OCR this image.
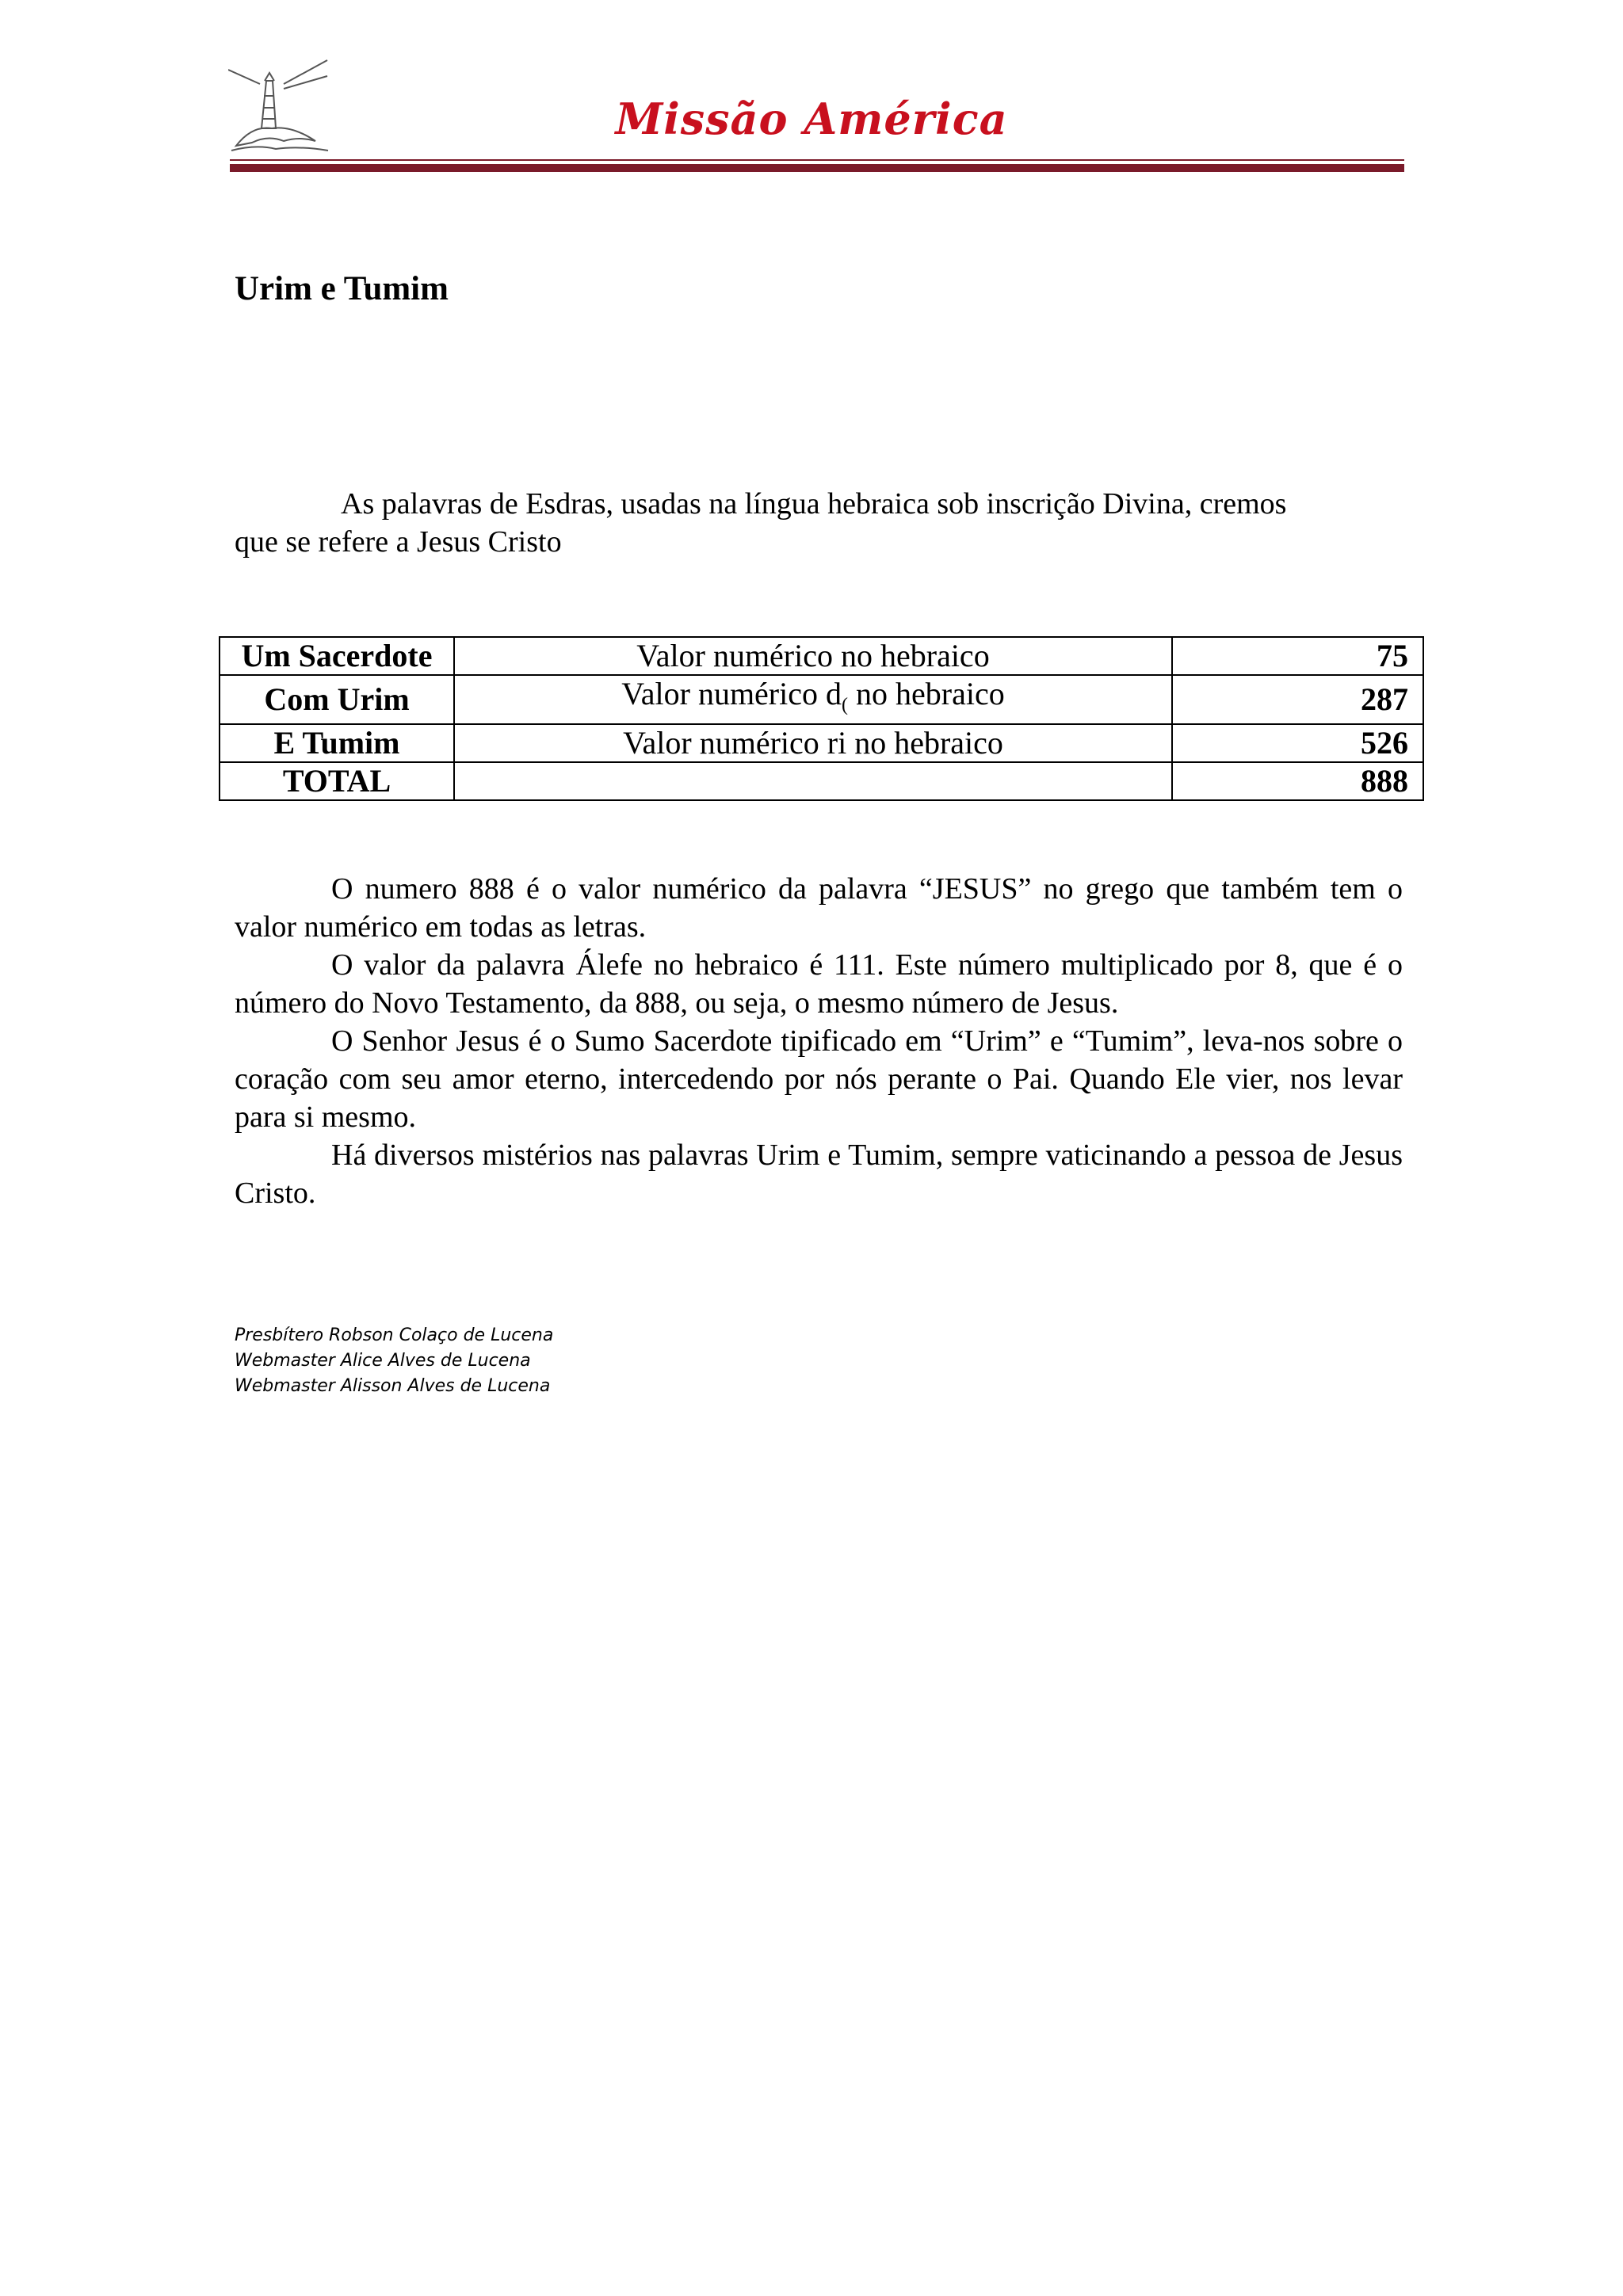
Missão América
Urim e Tumim
As palavras de Esdras, usadas na língua hebraica sob inscrição Divina, cremos
que se refere a Jesus Cristo
Um Sacerdote	Valor numérico no hebraico	75
Com Urim	Valor numérico $d_($ no hebraico	287
E Tumim	Valor numérico ri no hebraico	526
TOTAL		888

O numero 888 é o valor numérico da palavra “JESUS” no grego que também tem o valor numérico em todas as letras.

O valor da palavra Álefe no hebraico é 111. Este número multiplicado por 8, que é o número do Novo Testamento, da 888, ou seja, o mesmo número de Jesus.

O Senhor Jesus é o Sumo Sacerdote tipificado em “Urim” e “Tumim”, leva-nos sobre o coração com seu amor eterno, intercedendo por nós perante o Pai. Quando Ele vier, nos levar para si mesmo.

Há diversos mistérios nas palavras Urim e Tumim, sempre vaticinando a pessoa de Jesus Cristo.

Presbítero Robson Colaço de Lucena
Webmaster Alice Alves de Lucena
Webmaster Alisson Alves de Lucena
